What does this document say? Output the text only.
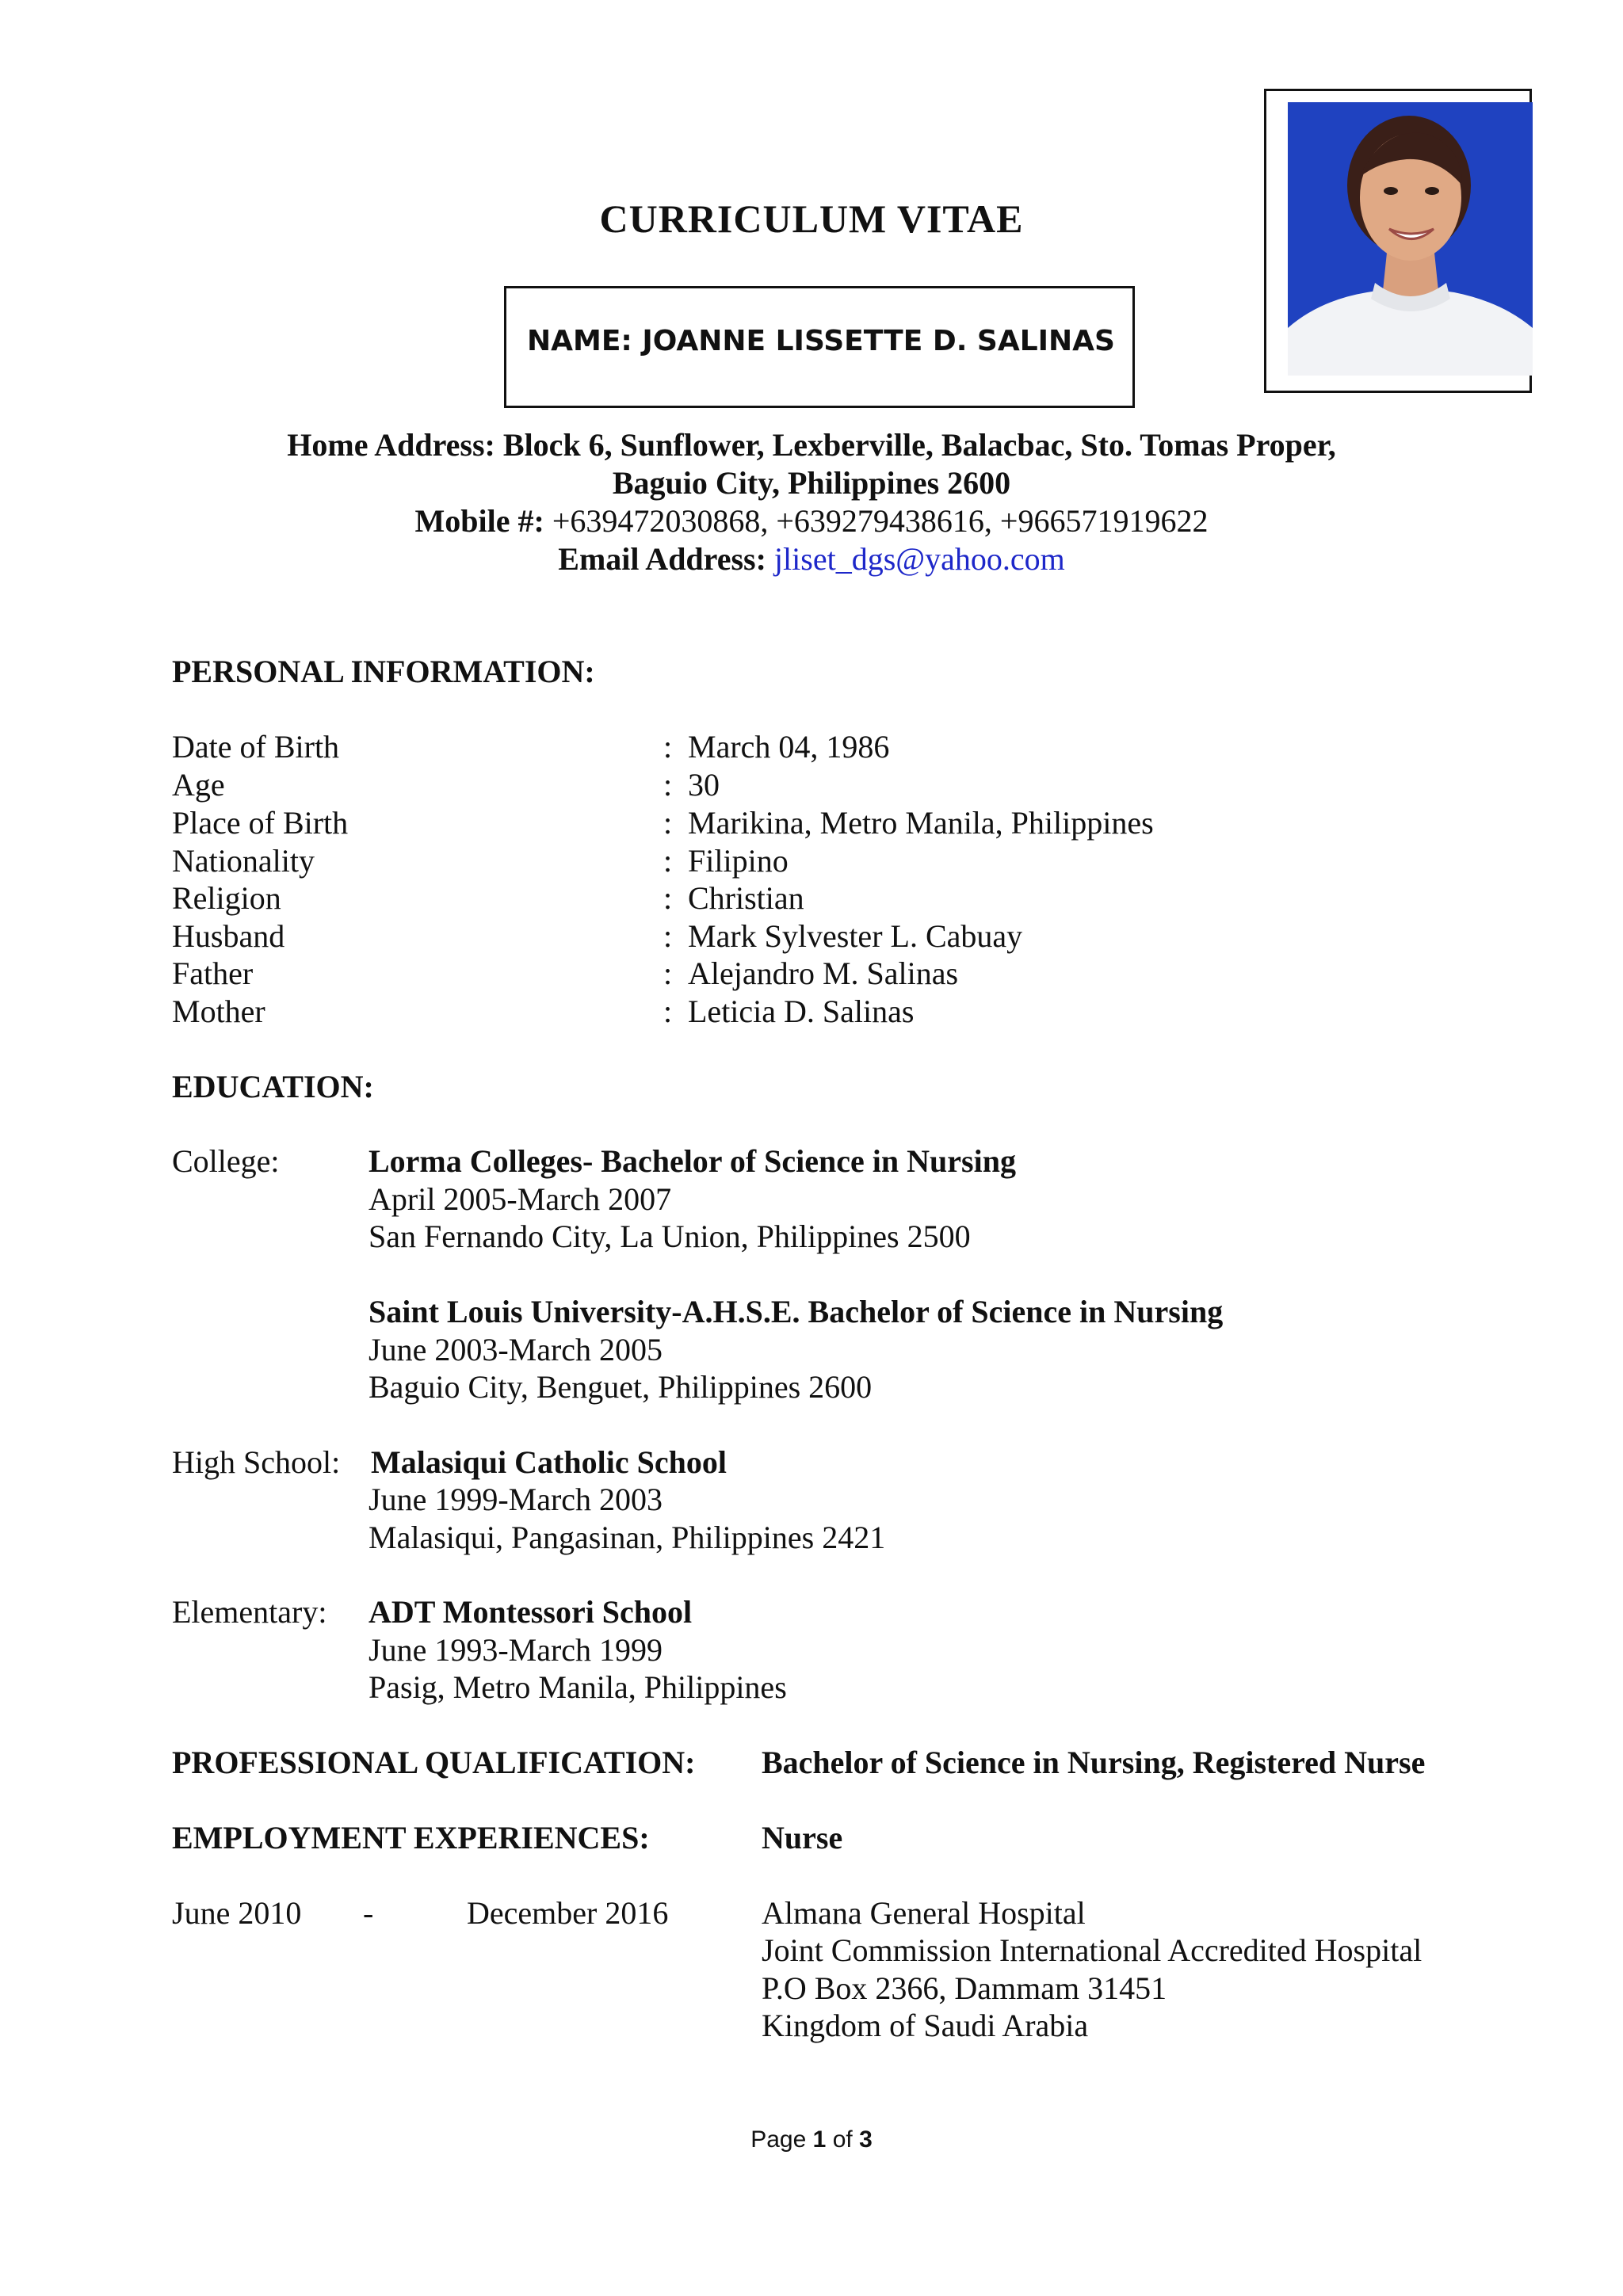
CURRICULUM VITAE
NAME: JOANNE LISSETTE D. SALINAS
Home Address: Block 6, Sunflower, Lexberville, Balacbac, Sto. Tomas Proper,
Baguio City, Philippines 2600
Mobile #: +639472030868, +639279438616, +966571919622
Email Address: jliset_dgs@yahoo.com
PERSONAL INFORMATION:
Date of Birth	: March 04, 1986
Age	: 30
Place of Birth	: Marikina, Metro Manila, Philippines
Nationality	: Filipino
Religion	: Christian
Husband	: Mark Sylvester L. Cabuay
Father	: Alejandro M. Salinas
Mother	: Leticia D. Salinas
EDUCATION:
College:	Lorma Colleges- Bachelor of Science in Nursing
April 2005-March 2007
San Fernando City, La Union, Philippines 2500
Saint Louis University-A.H.S.E. Bachelor of Science in Nursing
June 2003-March 2005
Baguio City, Benguet, Philippines 2600
High School: Malasiqui Catholic School
June 1999-March 2003
Malasiqui, Pangasinan, Philippines 2421
Elementary: ADT Montessori School
June 1993-March 1999
Pasig, Metro Manila, Philippines
PROFESSIONAL QUALIFICATION: Bachelor of Science in Nursing, Registered Nurse
EMPLOYMENT EXPERIENCES:	Nurse
June 2010 -	December 2016	Almana General Hospital
Joint Commission International Accredited Hospital
P.O Box 2366, Dammam 31451
Kingdom of Saudi Arabia
Page 1 of 3
